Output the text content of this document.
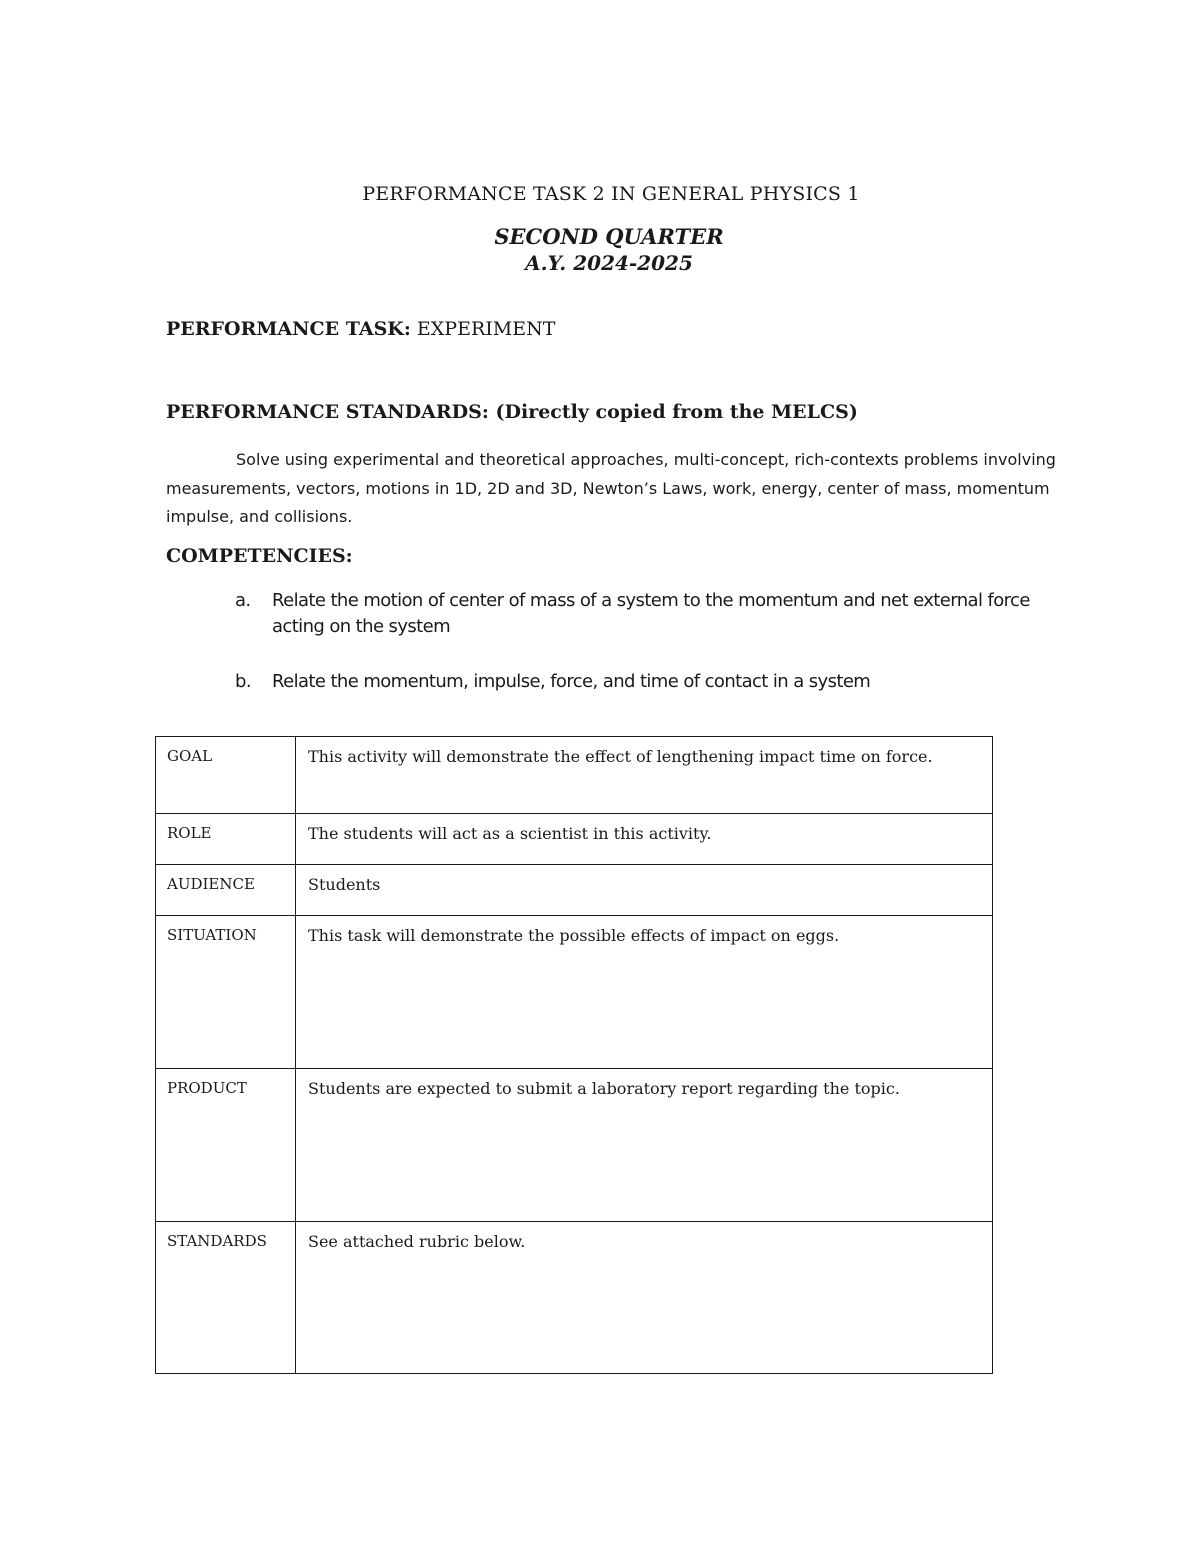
PERFORMANCE TASK 2 IN GENERAL PHYSICS 1
SECOND QUARTER
A.Y. 2024-2025
PERFORMANCE TASK: EXPERIMENT
PERFORMANCE STANDARDS: (Directly copied from the MELCS)
Solve using experimental and theoretical approaches, multi-concept, rich-contexts problems involving measurements, vectors, motions in 1D, 2D and 3D, Newton’s Laws, work, energy, center of mass, momentum impulse, and collisions.
COMPETENCIES:
a.	Relate the motion of center of mass of a system to the momentum and net external force acting on the system
b.	Relate the momentum, impulse, force, and time of contact in a system
GOAL	This activity will demonstrate the effect of lengthening impact time on force.
ROLE	The students will act as a scientist in this activity.
AUDIENCE	Students
SITUATION	This task will demonstrate the possible effects of impact on eggs.
PRODUCT	Students are expected to submit a laboratory report regarding the topic.
STANDARDS	See attached rubric below.
